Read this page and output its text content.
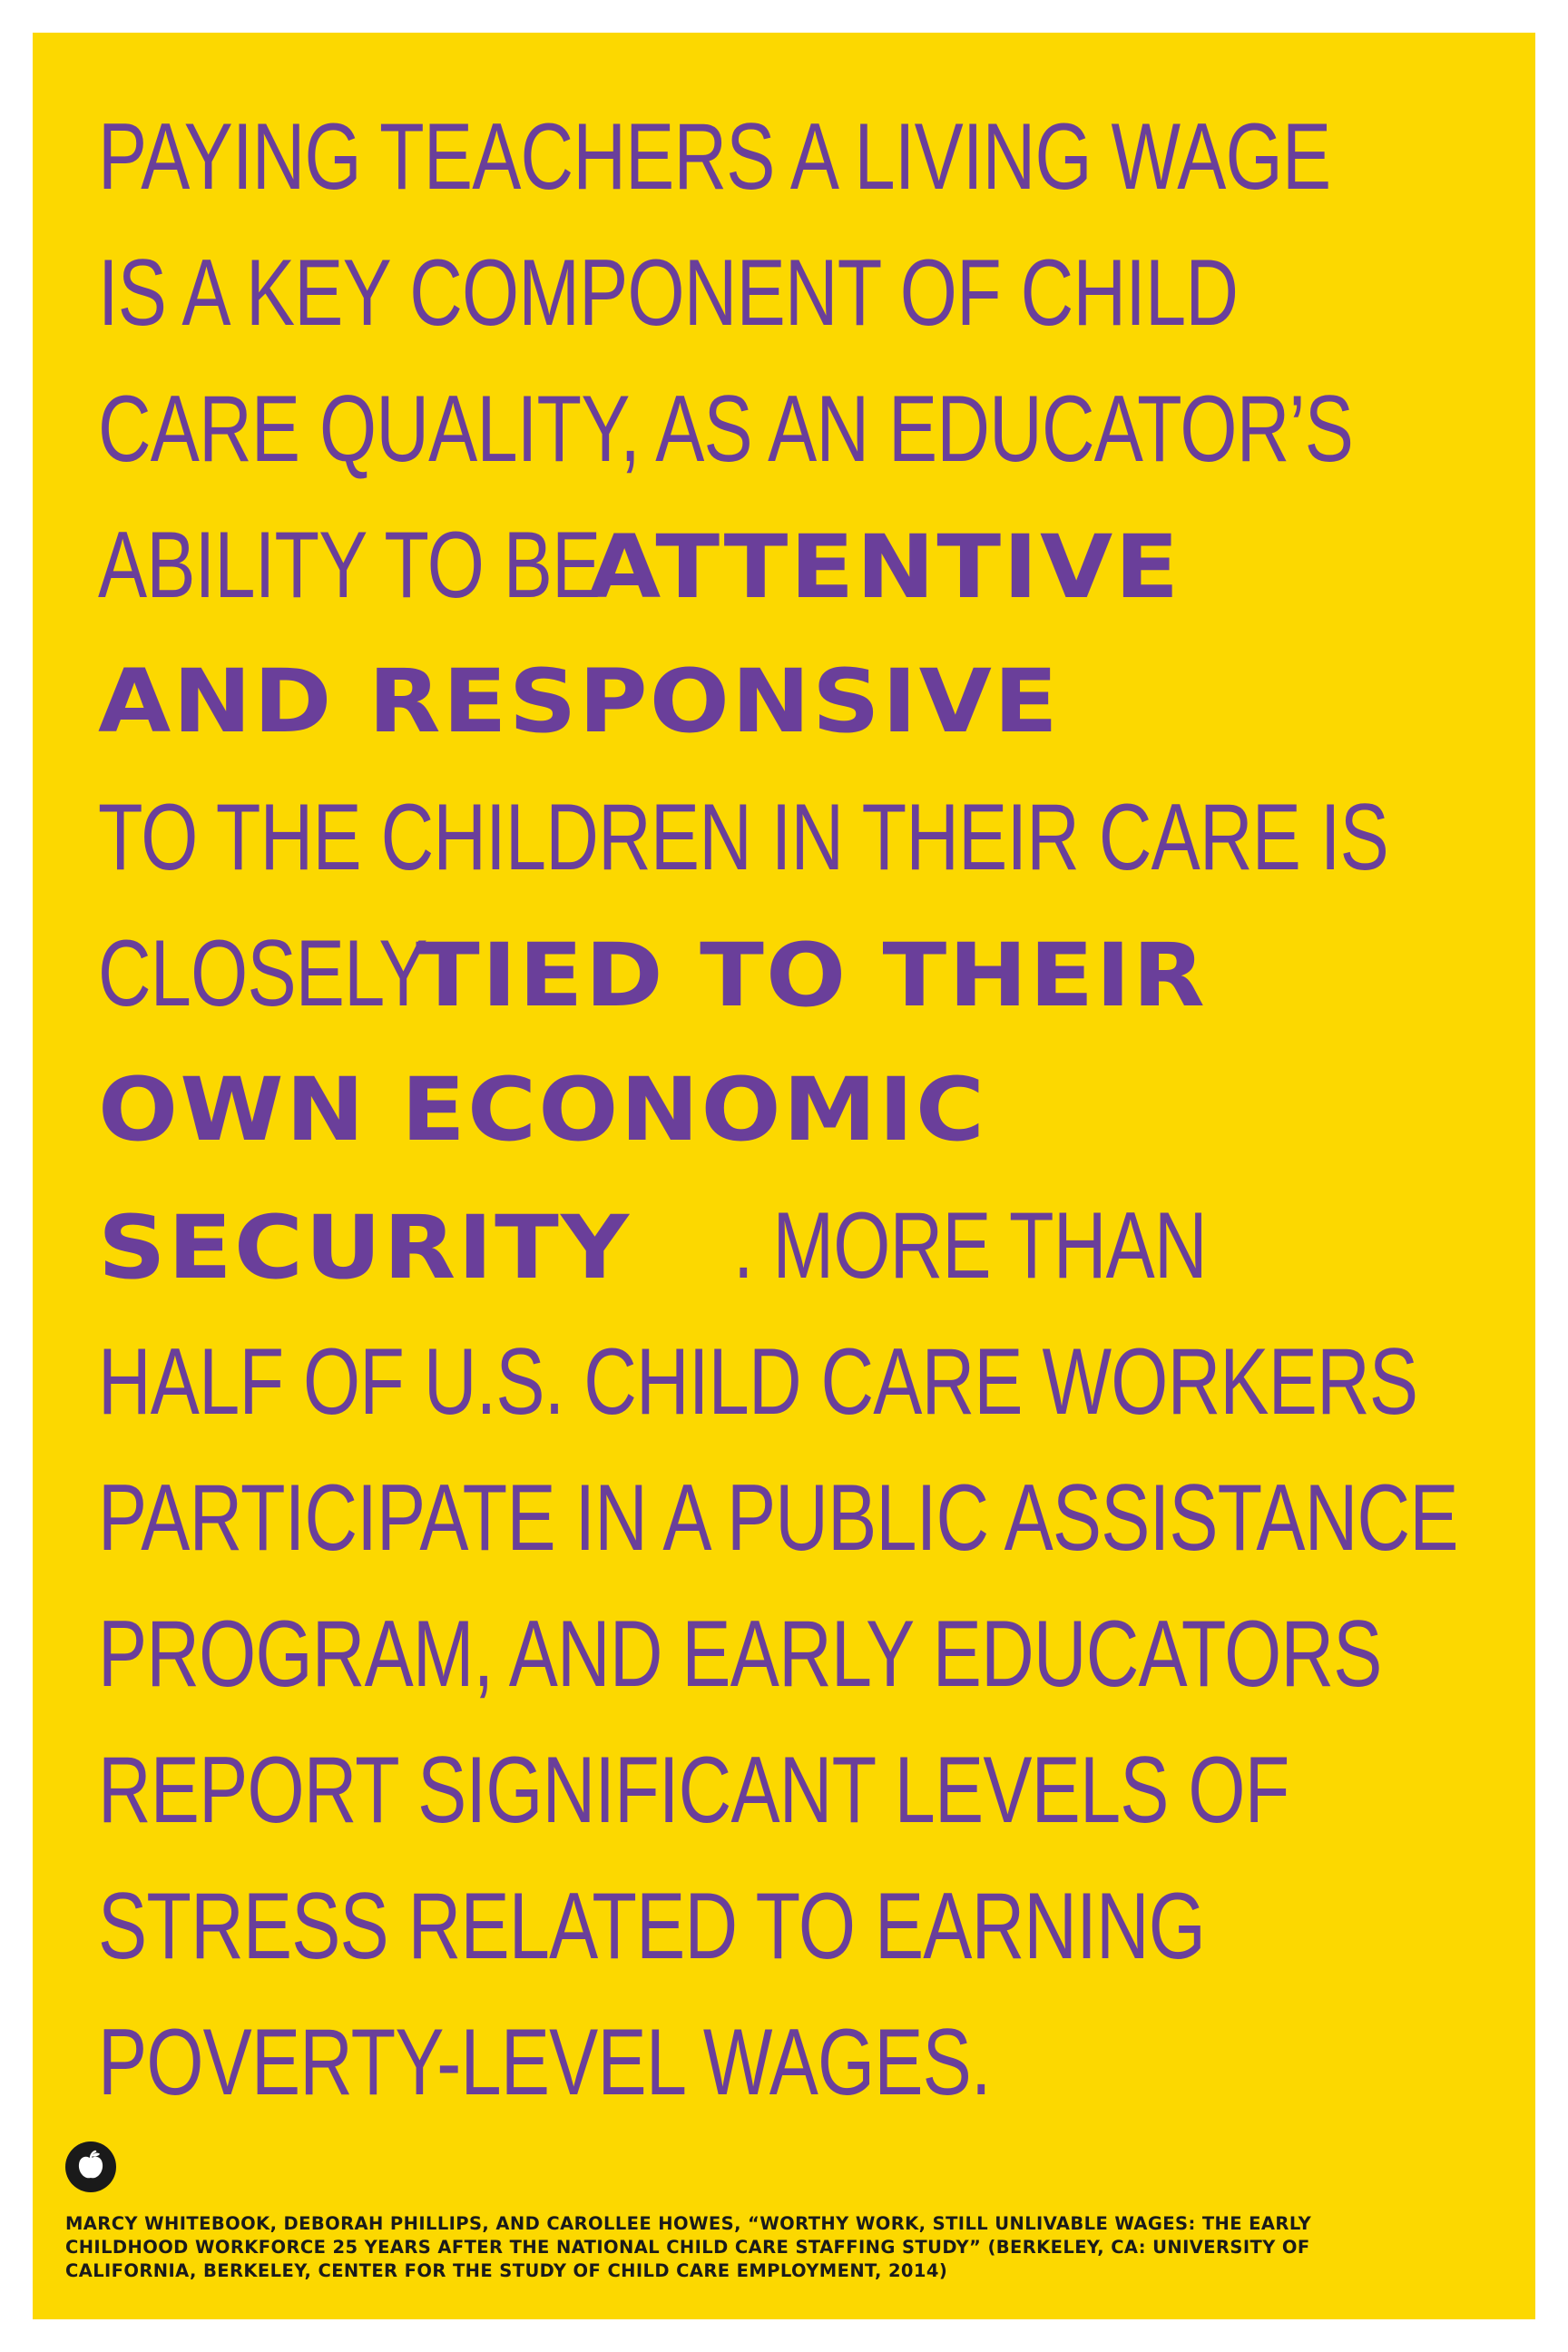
PAYING TEACHERS A LIVING WAGE
IS A KEY COMPONENT OF CHILD
CARE QUALITY, AS AN EDUCATOR’S
ABILITY TO BEATTENTIVE
AND RESPONSIVE
TO THE CHILDREN IN THEIR CARE IS
CLOSELYTIED TO THEIR
OWN ECONOMIC
SECURITY . MORE THAN
HALF OF U.S. CHILD CARE WORKERS
PARTICIPATE IN A PUBLIC ASSISTANCE
PROGRAM, AND EARLY EDUCATORS
REPORT SIGNIFICANT LEVELS OF
STRESS RELATED TO EARNING
POVERTY-LEVEL WAGES.
MARCY WHITEBOOK, DEBORAH PHILLIPS, AND CAROLLEE HOWES, “WORTHY WORK, STILL UNLIVABLE WAGES: THE EARLY CHILDHOOD WORKFORCE 25 YEARS AFTER THE NATIONAL CHILD CARE STAFFING STUDY” (BERKELEY, CA: UNIVERSITY OF CALIFORNIA, BERKELEY, CENTER FOR THE STUDY OF CHILD CARE EMPLOYMENT, 2014)
